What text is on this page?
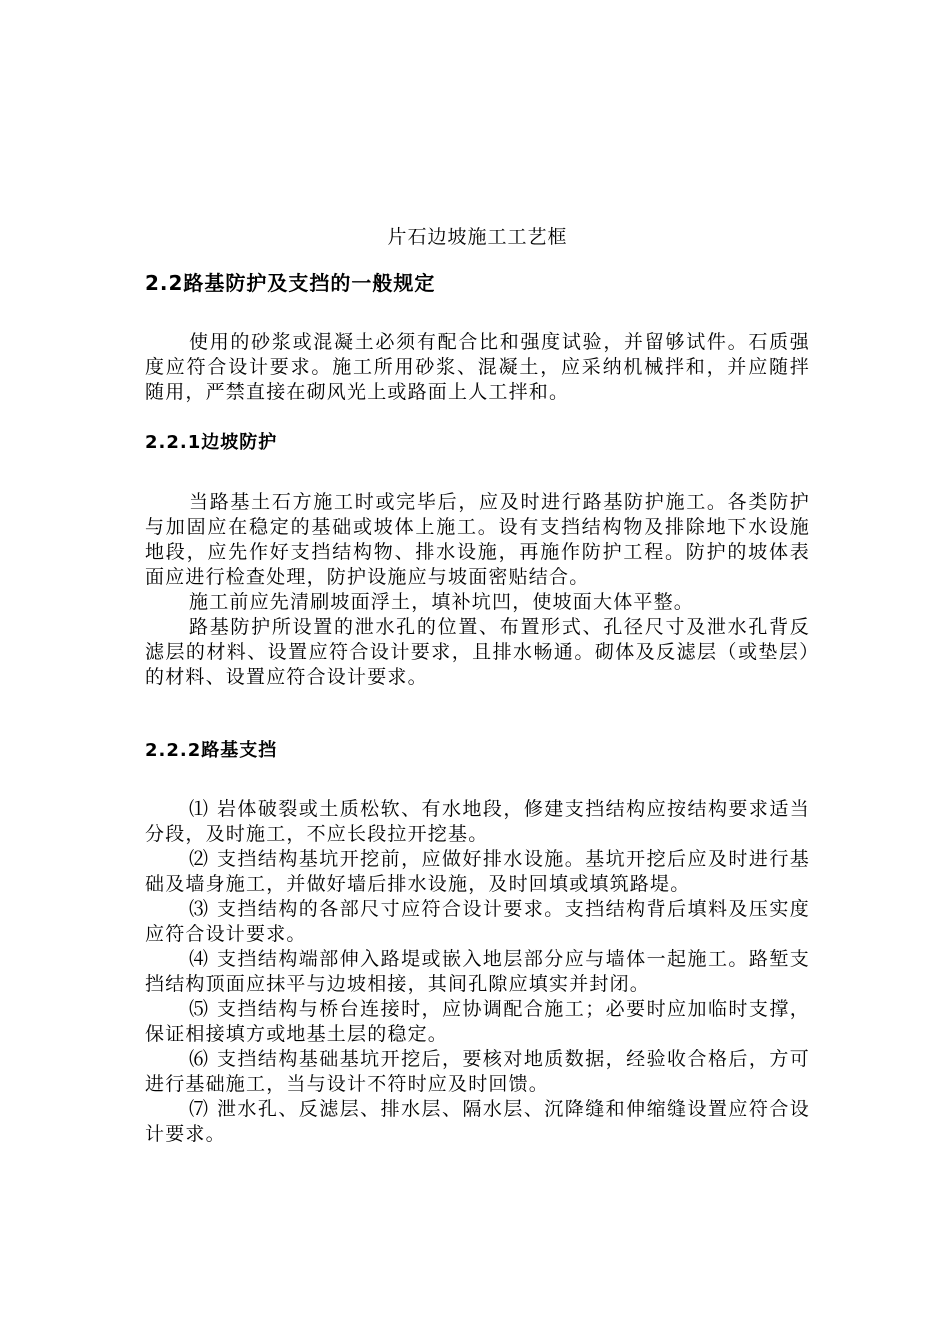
片石边坡施工工艺框
2.2路基防护及支挡的一般规定

使用的砂浆或混凝土必须有配合比和强度试验，并留够试件。石质强度应符合设计要求。施工所用砂浆、混凝土，应采纳机械拌和，并应随拌随用，严禁直接在砌风光上或路面上人工拌和。

2.2.1边坡防护

当路基土石方施工时或完毕后，应及时进行路基防护施工。各类防护与加固应在稳定的基础或坡体上施工。设有支挡结构物及排除地下水设施地段，应先作好支挡结构物、排水设施，再施作防护工程。防护的坡体表面应进行检查处理，防护设施应与坡面密贴结合。

施工前应先清刷坡面浮土，填补坑凹，使坡面大体平整。

路基防护所设置的泄水孔的位置、布置形式、孔径尺寸及泄水孔背反滤层的材料、设置应符合设计要求，且排水畅通。砌体及反滤层（或垫层）的材料、设置应符合设计要求。

2.2.2路基支挡

⑴ 岩体破裂或土质松软、有水地段，修建支挡结构应按结构要求适当分段，及时施工，不应长段拉开挖基。

⑵ 支挡结构基坑开挖前，应做好排水设施。基坑开挖后应及时进行基础及墙身施工，并做好墙后排水设施，及时回填或填筑路堤。

⑶ 支挡结构的各部尺寸应符合设计要求。支挡结构背后填料及压实度应符合设计要求。

⑷ 支挡结构端部伸入路堤或嵌入地层部分应与墙体一起施工。路堑支挡结构顶面应抹平与边坡相接，其间孔隙应填实并封闭。

⑸ 支挡结构与桥台连接时，应协调配合施工；必要时应加临时支撑，保证相接填方或地基土层的稳定。

⑹ 支挡结构基础基坑开挖后，要核对地质数据，经验收合格后，方可进行基础施工，当与设计不符时应及时回馈。

⑺ 泄水孔、反滤层、排水层、隔水层、沉降缝和伸缩缝设置应符合设计要求。
